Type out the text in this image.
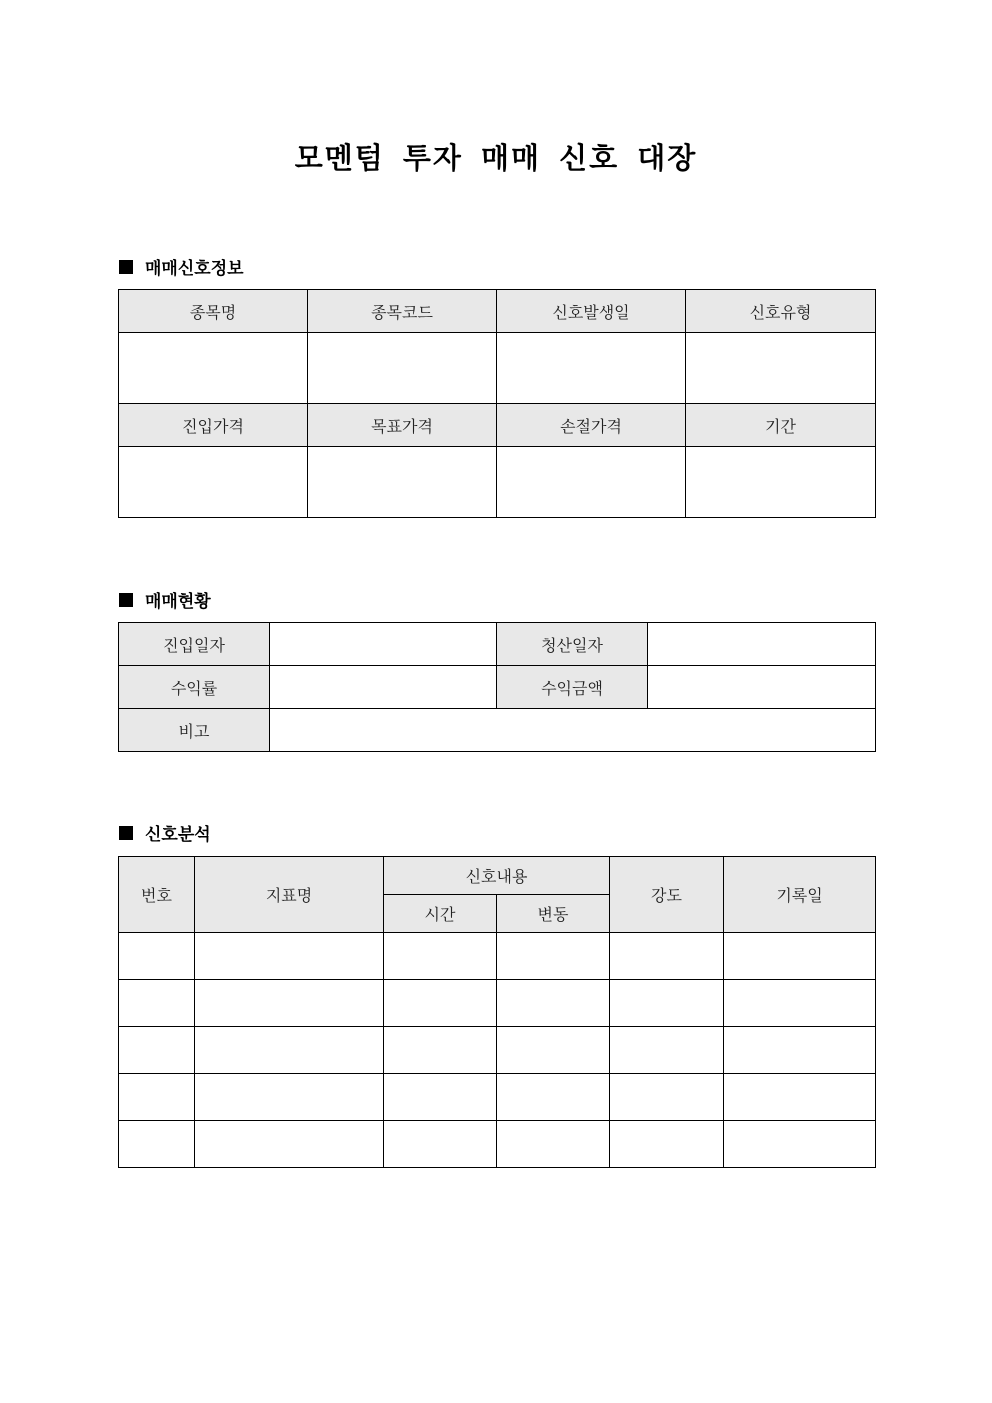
모멘텀 투자 매매 신호 대장
매매신호정보
종목명	종목코드	신호발생일	신호유형

진입가격	목표가격	손절가격	기간

매매현황
진입일자		청산일자	
수익률		수익금액	
비고			
신호분석
번호	지표명	신호내용		강도	기록일
		시간	변동		
